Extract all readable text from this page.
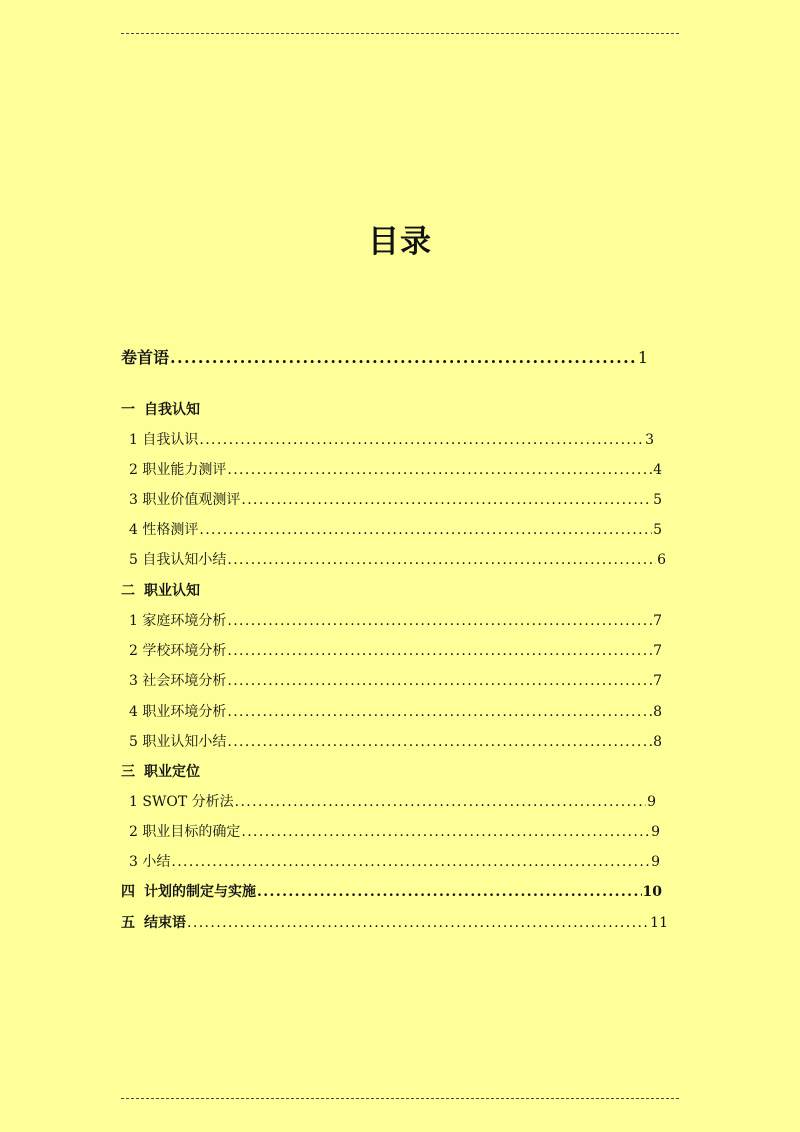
目录
卷首语 .....	1
一 自我认知
1 自我认识 .....	3
2 职业能力测评 .....	4
3 职业价值观测评 .....	5
4 性格测评 .....	5
5 自我认知小结 .....	6
二 职业认知
1 家庭环境分析 .....	7
2 学校环境分析 .....	7
3 社会环境分析 .....	7
4 职业环境分析 .....	8
5 职业认知小结 .....	8
三 职业定位
1 SWOT 分析法 .....	9
2 职业目标的确定 .....	9
3 小结 .....	9
四 计划的制定与实施 .....	10
五 结束语 .....	11
